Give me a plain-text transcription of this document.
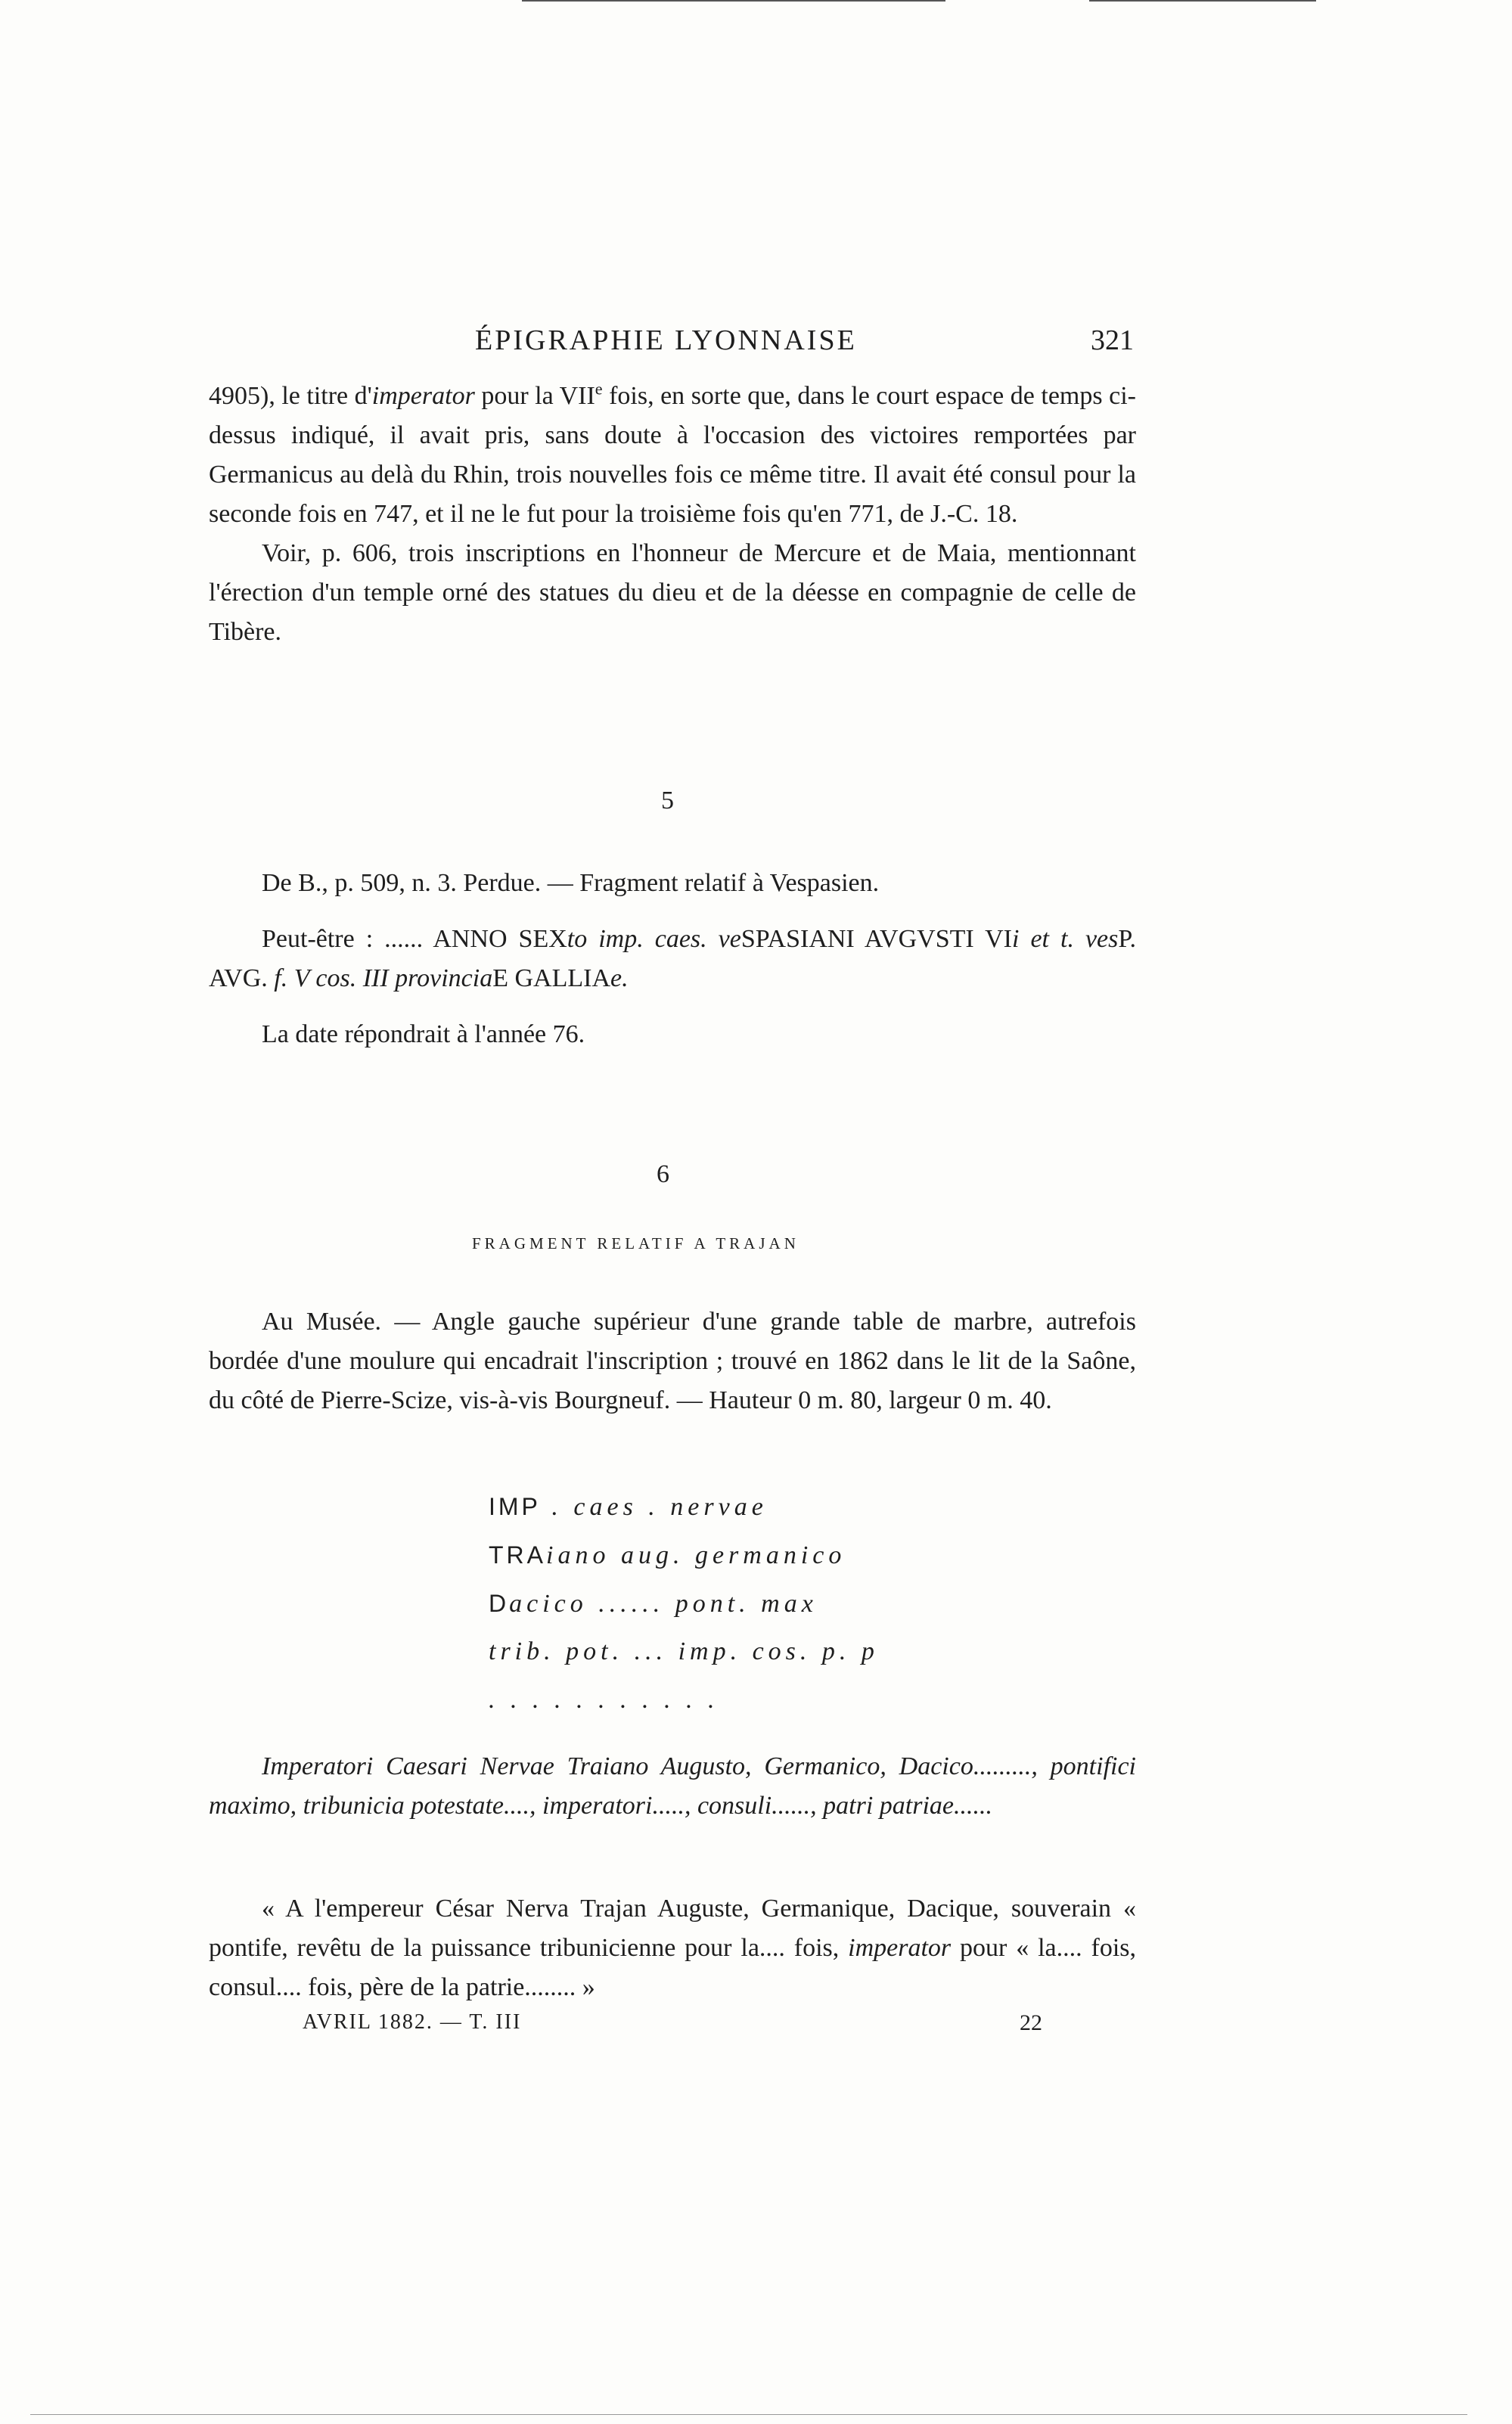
ÉPIGRAPHIE LYONNAISE	321

4905), le titre d'imperator pour la VIIe fois, en sorte que, dans le court espace de temps ci-dessus indiqué, il avait pris, sans doute à l'occasion des victoires remportées par Germanicus au delà du Rhin, trois nouvelles fois ce même titre. Il avait été consul pour la seconde fois en 747, et il ne le fut pour la troisième fois qu'en 771, de J.-C. 18.

Voir, p. 606, trois inscriptions en l'honneur de Mercure et de Maia, mentionnant l'érection d'un temple orné des statues du dieu et de la déesse en compagnie de celle de Tibère.

5

De B., p. 509, n. 3. Perdue. — Fragment relatif à Vespasien.

Peut-être : ...... ANNO SEXto imp. caes. veSPASIANI AVGVSTI VIi et t. vesP. AVG. f. V cos. III provinciaE GALLIAe.

La date répondrait à l'année 76.

6
FRAGMENT RELATIF A TRAJAN

Au Musée. — Angle gauche supérieur d'une grande table de marbre, autrefois bordée d'une moulure qui encadrait l'inscription ; trouvé en 1862 dans le lit de la Saône, du côté de Pierre-Scize, vis-à-vis Bourgneuf. — Hauteur 0 m. 80, largeur 0 m. 40.

IMP . caes . nervae
TRAiano aug. germanico
Dacico ...... pont. max
trib. pot. ... imp. cos. p. p
. . . . . . . . . . .

Imperatori Caesari Nervae Traiano Augusto, Germanico, Dacico........., pontifici maximo, tribunicia potestate...., imperatori....., consuli......, patri patriae......

« A l'empereur César Nerva Trajan Auguste, Germanique, Dacique, souverain « pontife, revêtu de la puissance tribunicienne pour la.... fois, imperator pour « la.... fois, consul.... fois, père de la patrie........ »

AVRIL 1882. — T. III	22
